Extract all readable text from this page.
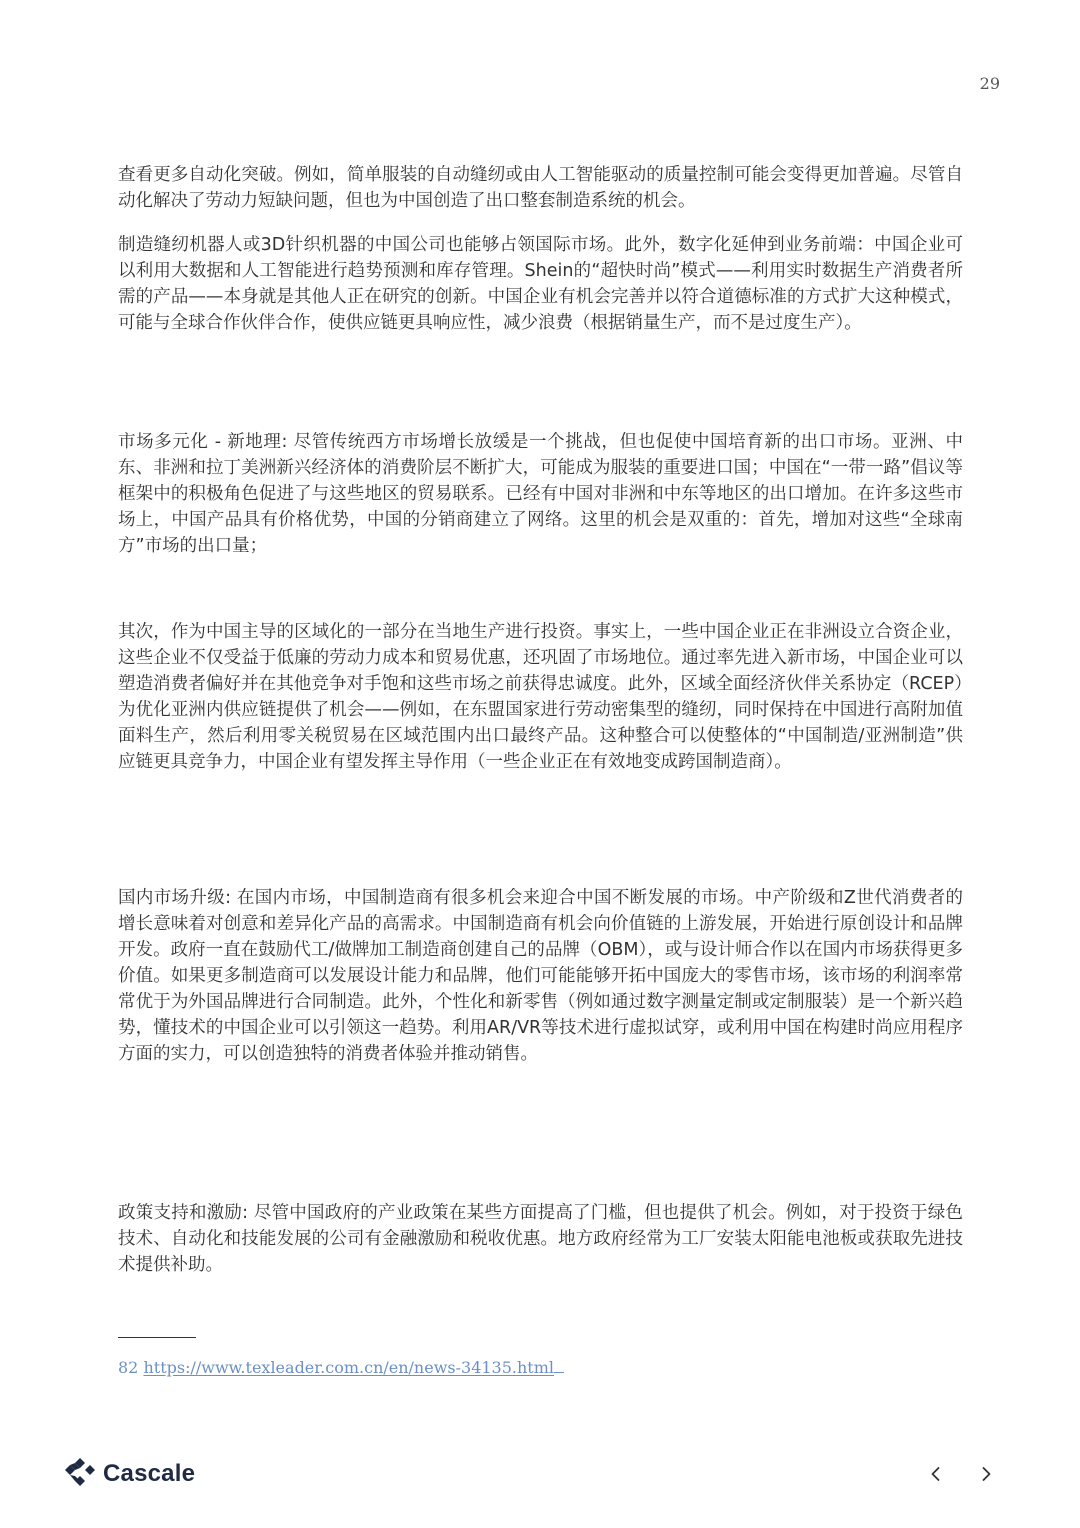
29

查看更多自动化突破。例如，简单服装的自动缝纫或由人工智能驱动的质量控制可能会变得更加普遍。尽管自动化解决了劳动力短缺问题，但也为中国创造了出口整套制造系统的机会。

制造缝纫机器人或3D针织机器的中国公司也能够占领国际市场。此外，数字化延伸到业务前端：中国企业可以利用大数据和人工智能进行趋势预测和库存管理。Shein的“超快时尚”模式——利用实时数据生产消费者所需的产品——本身就是其他人正在研究的创新。中国企业有机会完善并以符合道德标准的方式扩大这种模式，可能与全球合作伙伴合作，使供应链更具响应性，减少浪费（根据销量生产，而不是过度生产）。

市场多元化 - 新地理: 尽管传统西方市场增长放缓是一个挑战，但也促使中国培育新的出口市场。亚洲、中东、非洲和拉丁美洲新兴经济体的消费阶层不断扩大，可能成为服装的重要进口国；中国在“一带一路”倡议等框架中的积极角色促进了与这些地区的贸易联系。已经有中国对非洲和中东等地区的出口增加。在许多这些市场上，中国产品具有价格优势，中国的分销商建立了网络。这里的机会是双重的：首先，增加对这些“全球南方”市场的出口量；

其次，作为中国主导的区域化的一部分在当地生产进行投资。事实上，一些中国企业正在非洲设立合资企业，这些企业不仅受益于低廉的劳动力成本和贸易优惠，还巩固了市场地位。通过率先进入新市场，中国企业可以塑造消费者偏好并在其他竞争对手饱和这些市场之前获得忠诚度。此外，区域全面经济伙伴关系协定（RCEP）为优化亚洲内供应链提供了机会——例如，在东盟国家进行劳动密集型的缝纫，同时保持在中国进行高附加值面料生产，然后利用零关税贸易在区域范围内出口最终产品。这种整合可以使整体的“中国制造/亚洲制造”供应链更具竞争力，中国企业有望发挥主导作用（一些企业正在有效地变成跨国制造商）。

国内市场升级: 在国内市场，中国制造商有很多机会来迎合中国不断发展的市场。中产阶级和Z世代消费者的增长意味着对创意和差异化产品的高需求。中国制造商有机会向价值链的上游发展，开始进行原创设计和品牌开发。政府一直在鼓励代工/做牌加工制造商创建自己的品牌（OBM），或与设计师合作以在国内市场获得更多价值。如果更多制造商可以发展设计能力和品牌，他们可能能够开拓中国庞大的零售市场，该市场的利润率常常优于为外国品牌进行合同制造。此外，个性化和新零售（例如通过数字测量定制或定制服装）是一个新兴趋势，懂技术的中国企业可以引领这一趋势。利用AR/VR等技术进行虚拟试穿，或利用中国在构建时尚应用程序方面的实力，可以创造独特的消费者体验并推动销售。

政策支持和激励: 尽管中国政府的产业政策在某些方面提高了门槛，但也提供了机会。例如，对于投资于绿色技术、自动化和技能发展的公司有金融激励和税收优惠。地方政府经常为工厂安装太阳能电池板或获取先进技术提供补助。

82 https://www.texleader.com.cn/en/news-34135.html
Cascale
